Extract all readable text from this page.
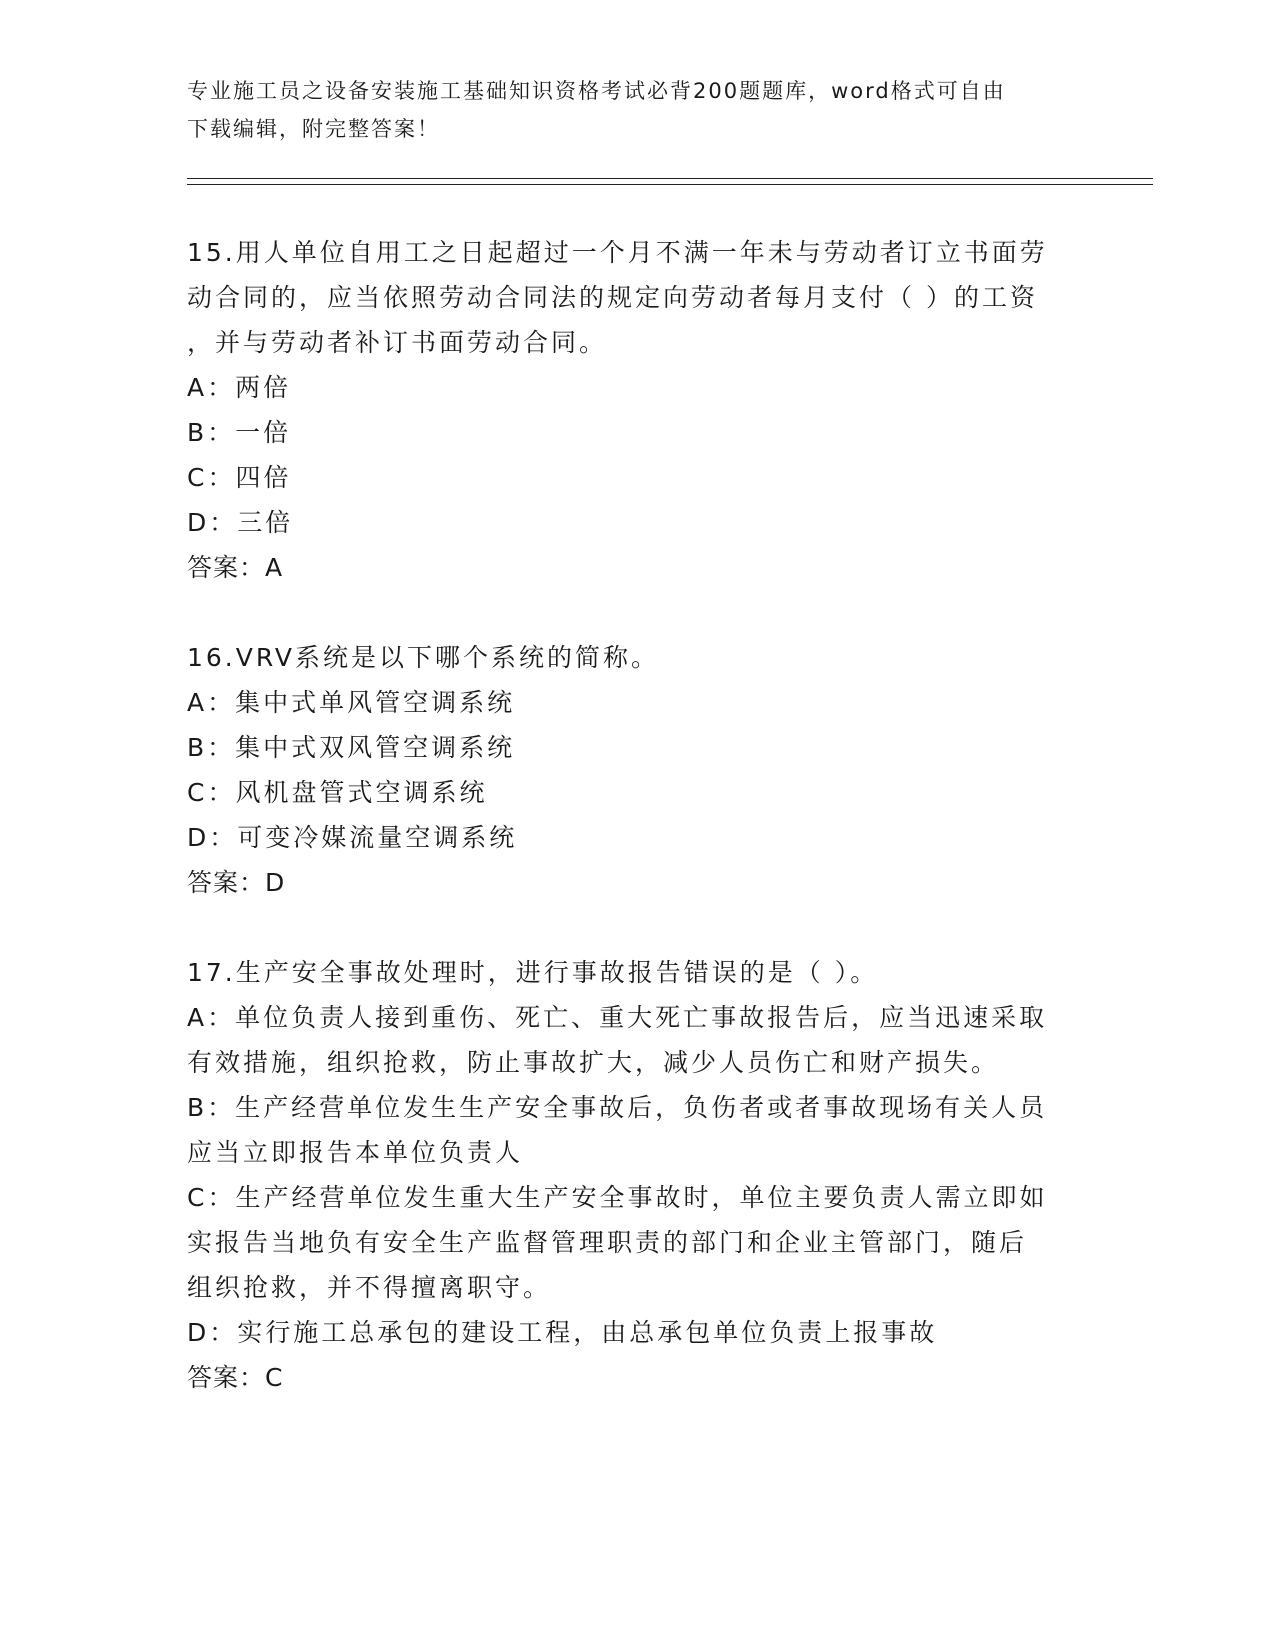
专业施工员之设备安装施工基础知识资格考试必背200题题库，word格式可自由
下载编辑，附完整答案！
15.用人单位自用工之日起超过一个月不满一年未与劳动者订立书面劳
动合同的，应当依照劳动合同法的规定向劳动者每月支付（ ）的工资
，并与劳动者补订书面劳动合同。
A：两倍
B：一倍
C：四倍
D：三倍
答案：A
16.VRV系统是以下哪个系统的简称。
A：集中式单风管空调系统
B：集中式双风管空调系统
C：风机盘管式空调系统
D：可变冷媒流量空调系统
答案：D
17.生产安全事故处理时，进行事故报告错误的是（ ）。
A：单位负责人接到重伤、死亡、重大死亡事故报告后，应当迅速采取
有效措施，组织抢救，防止事故扩大，减少人员伤亡和财产损失。
B：生产经营单位发生生产安全事故后，负伤者或者事故现场有关人员
应当立即报告本单位负责人
C：生产经营单位发生重大生产安全事故时，单位主要负责人需立即如
实报告当地负有安全生产监督管理职责的部门和企业主管部门，随后
组织抢救，并不得擅离职守。
D：实行施工总承包的建设工程，由总承包单位负责上报事故
答案：C
